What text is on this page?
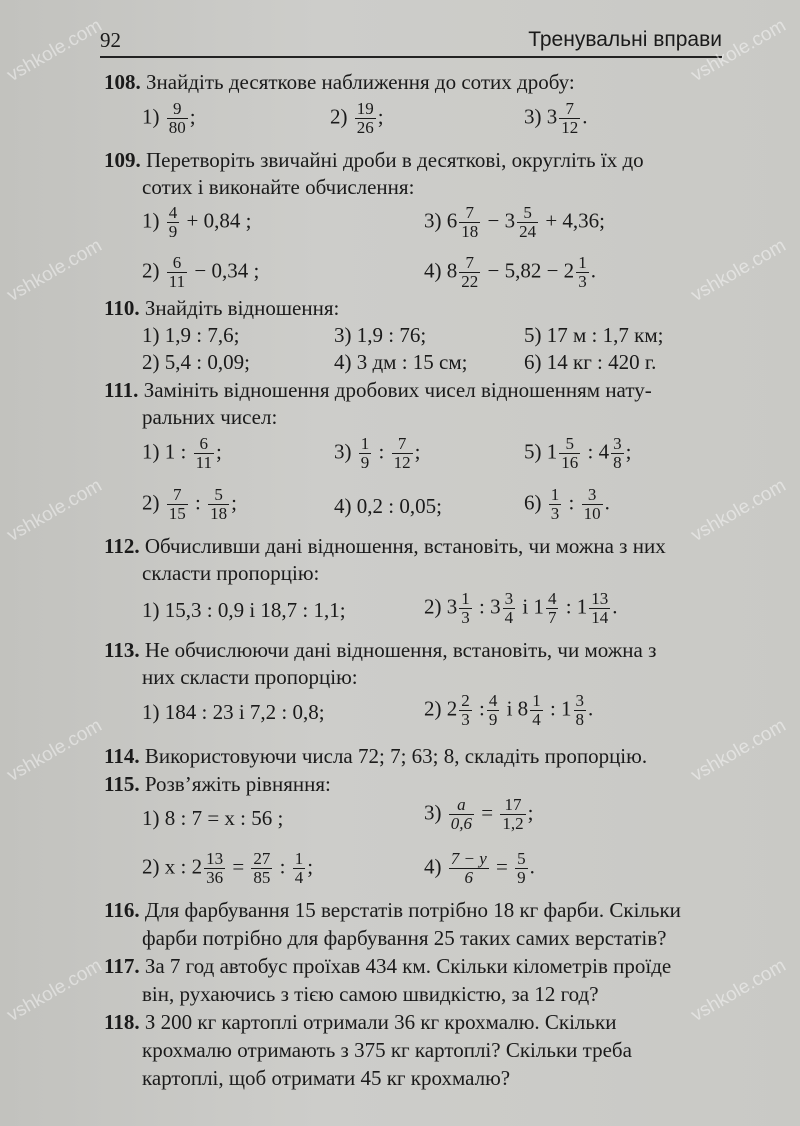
92	Тренувальні вправи
vshkole.com	vshkole.com
vshkole.com	vshkole.com
vshkole.com	vshkole.com
vshkole.com	vshkole.com
vshkole.com	vshkole.com
108. Знайдіть десяткове наближення до сотих дробу:
$1) \frac{9}{80}$ ;	$2) \frac{19}{26}$ ;	3) $3 \frac{7}{12}$ .
109. Перетворіть звичайні дроби в десяткові, округліть їх до
сотих і виконайте обчислення:
$1) \frac{4}{9} + 0,84$ ;	3) $6 \frac{7}{18} - 3 \frac{5}{24} + 4,36$;
$2) \frac{6}{11} - 0,34$ ;	4) $8 \frac{7}{22} - 5,82 - 2 \frac{1}{3}$ .
110. Знайдіть відношення:
1) 1,9 : 7,6;	3) 1,9 : 76;	5) 17 м : 1,7 км;
2) 5,4 : 0,09;	4) 3 дм : 15 см;	6) 14 кг : 420 г.
111. Замініть відношення дробових чисел відношенням нату-
ральних чисел:
1) 1 : $\frac{6}{11}$ ;	$3) \frac{1}{9}$ : $\frac{7}{12}$ ;	5) $1 \frac{5}{16}$ : $4 \frac{3}{8}$ ;
$2) \frac{7}{15}$ : $\frac{5}{18}$ ;	4) 0,2 : 0,05;	$6) \frac{1}{3}$ : $\frac{3}{10}$ .
112. Обчисливши дані відношення, встановіть, чи можна з них
скласти пропорцію:
1) 15,3 : 0,9 і 18,7 : 1,1;	2) $3 \frac{1}{3}$ : $3 \frac{3}{4}$ і $1 \frac{4}{7}$ : $1 \frac{13}{14}$ .
113. Не обчислюючи дані відношення, встановіть, чи можна з
них скласти пропорцію:
1) 184 : 23 і 7,2 : 0,8;	2) $2 \frac{2}{3}$ : $\frac{4}{9}$ і $8 \frac{1}{4}$ : $1 \frac{3}{8}$ .
114. Використовуючи числа 72; 7; 63; 8, складіть пропорцію.
115. Розв’яжіть рівняння:
1) 8 : 7 = x : 56 ;	$3) \frac{a}{0,6} = \frac{17}{1,2}$ ;
2) x : $2 \frac{13}{36} = \frac{27}{85}$ : $\frac{1}{4}$ ;	$4) \frac{7 - y}{6} = \frac{5}{9}$ .
116. Для фарбування 15 верстатів потрібно 18 кг фарби. Скільки
фарби потрібно для фарбування 25 таких самих верстатів?
117. За 7 год автобус проїхав 434 км. Скільки кілометрів проїде
він, рухаючись з тією самою швидкістю, за 12 год?
118. З 200 кг картоплі отримали 36 кг крохмалю. Скільки
крохмалю отримають з 375 кг картоплі? Скільки треба
картоплі, щоб отримати 45 кг крохмалю?
